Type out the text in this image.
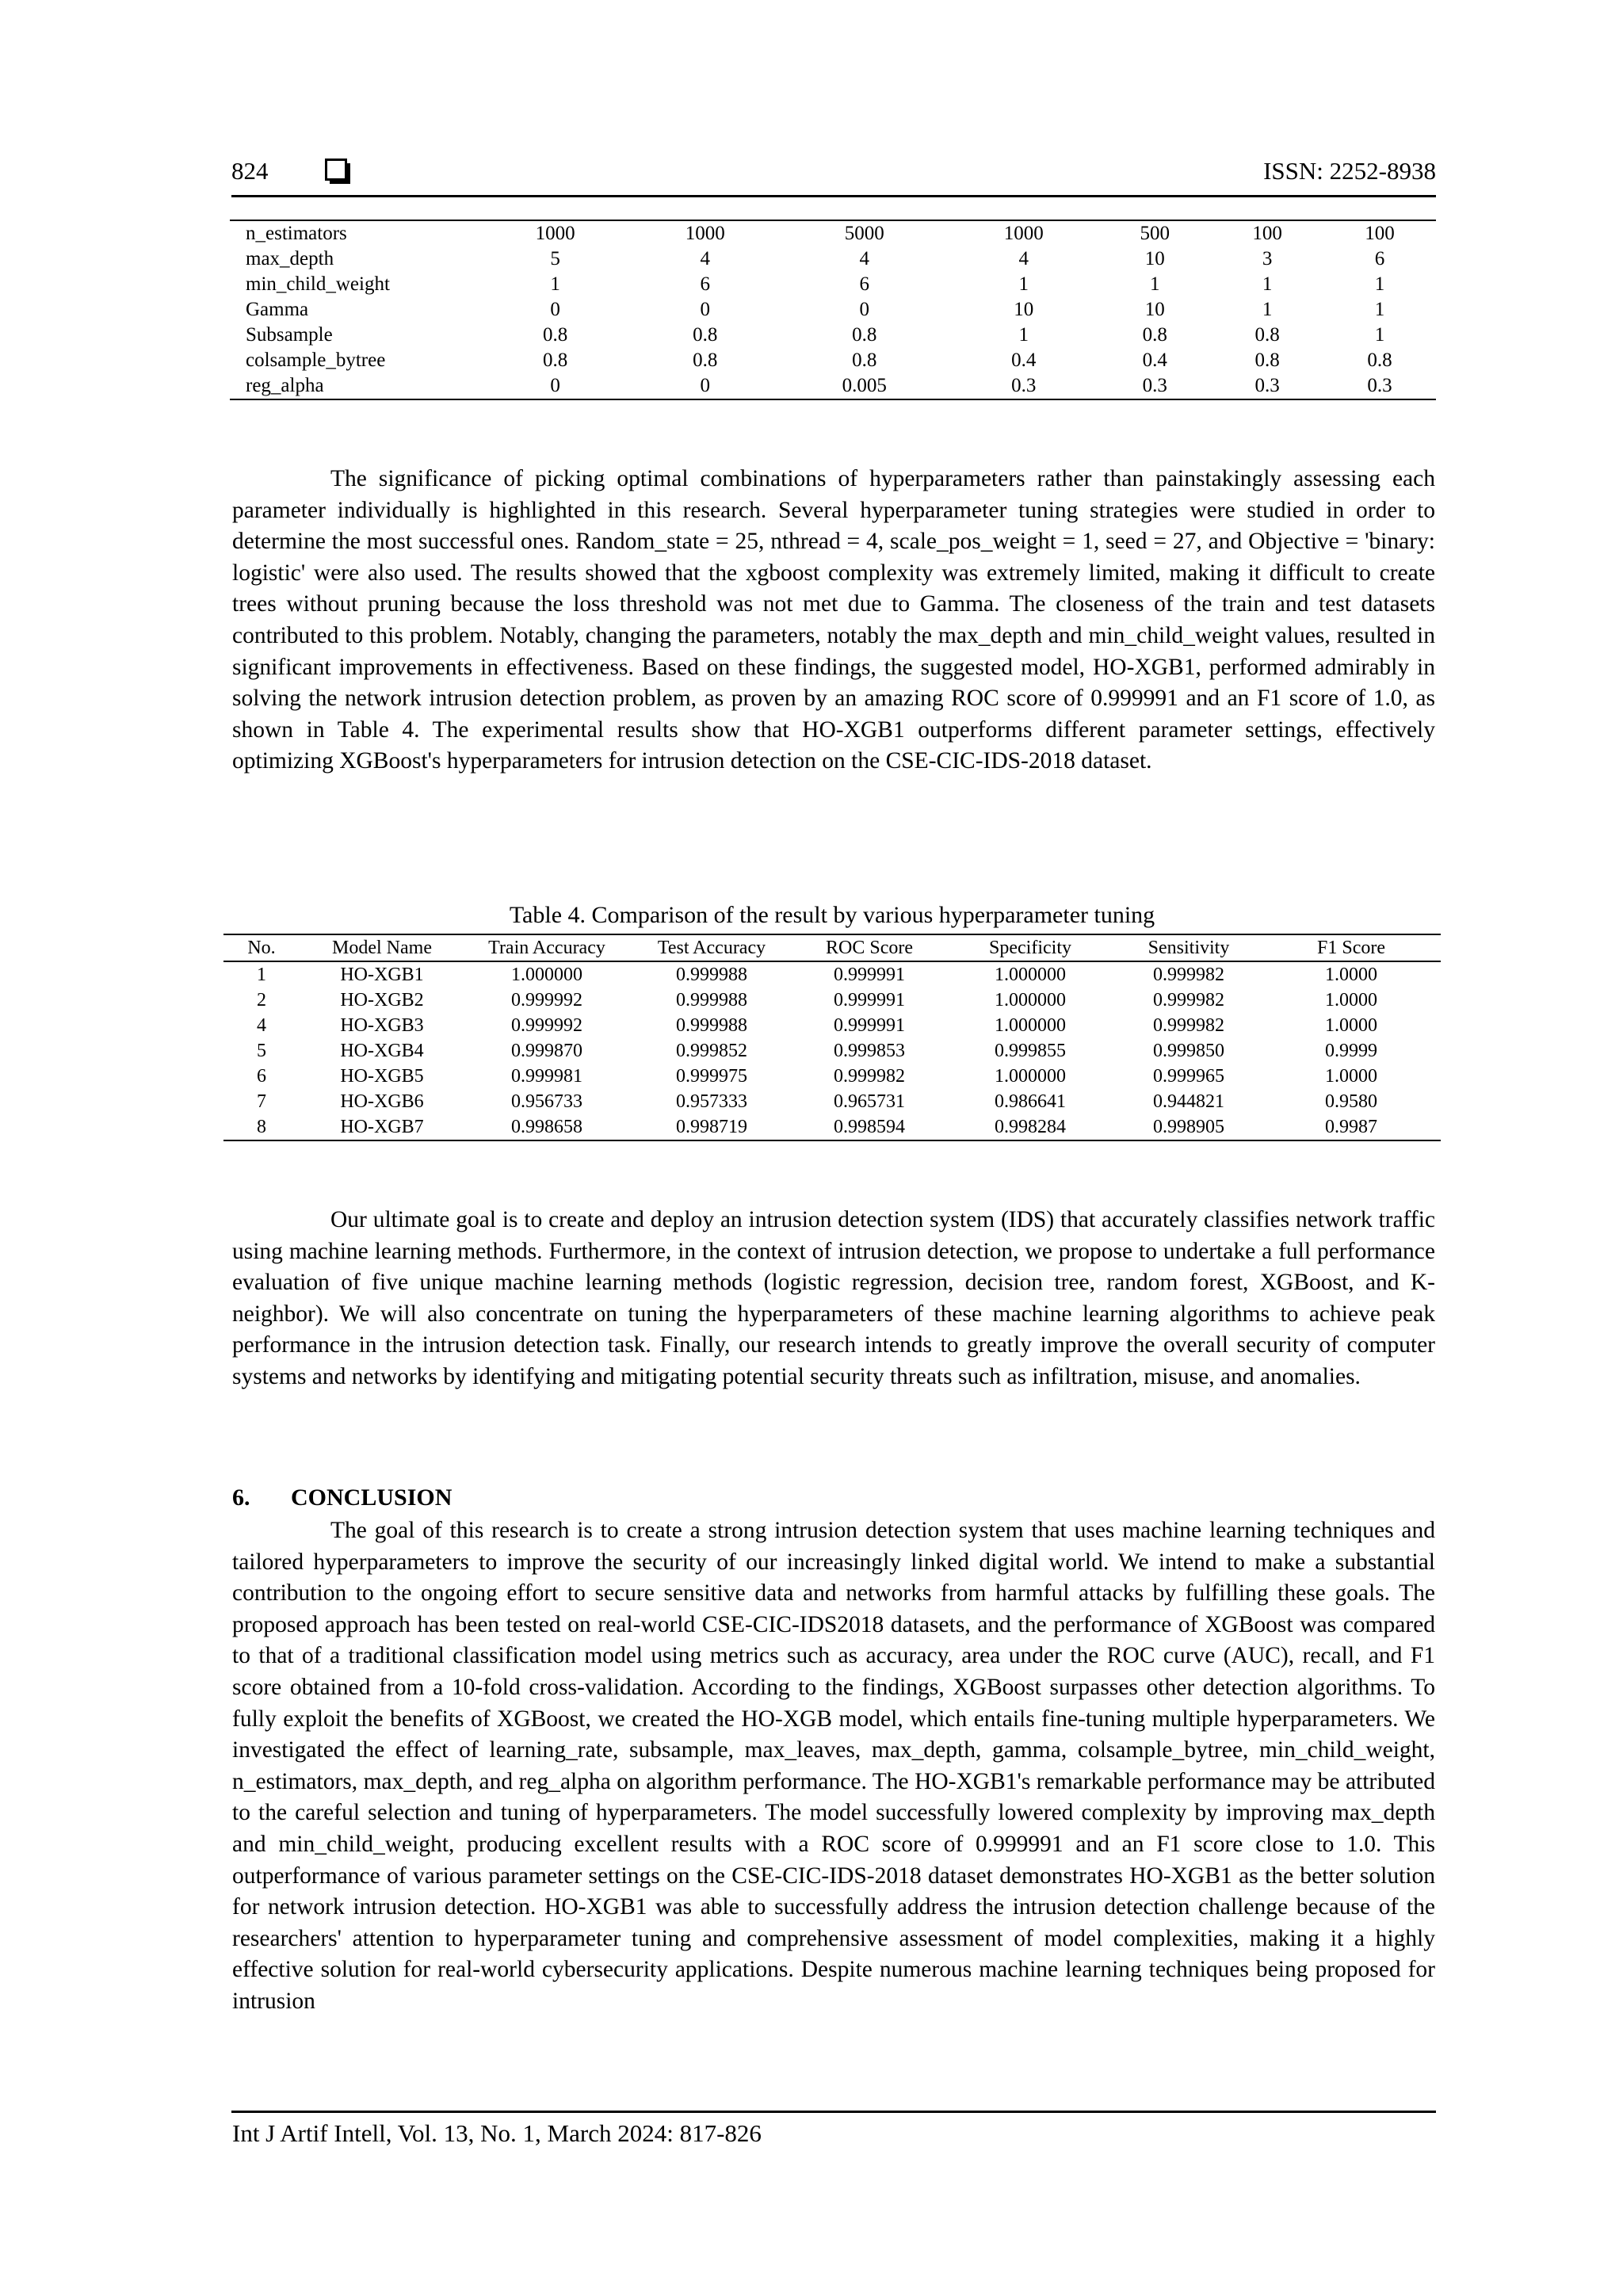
824	ISSN: 2252-8938
n_estimators	1000	1000	5000	1000	500	100	100
max_depth	5	4	4	4	10	3	6
min_child_weight	1	6	6	1	1	1	1
Gamma	0	0	0	10	10	1	1
Subsample	0.8	0.8	0.8	1	0.8	0.8	1
colsample_bytree	0.8	0.8	0.8	0.4	0.4	0.8	0.8
reg_alpha	0	0	0.005	0.3	0.3	0.3	0.3

The significance of picking optimal combinations of hyperparameters rather than painstakingly assessing each parameter individually is highlighted in this research. Several hyperparameter tuning strategies were studied in order to determine the most successful ones. Random_state = 25, nthread = 4, scale_pos_weight = 1, seed = 27, and Objective = 'binary: logistic' were also used. The results showed that the xgboost complexity was extremely limited, making it difficult to create trees without pruning because the loss threshold was not met due to Gamma. The closeness of the train and test datasets contributed to this problem. Notably, changing the parameters, notably the max_depth and min_child_weight values, resulted in significant improvements in effectiveness. Based on these findings, the suggested model, HO-XGB1, performed admirably in solving the network intrusion detection problem, as proven by an amazing ROC score of 0.999991 and an F1 score of 1.0, as shown in Table 4. The experimental results show that HO-XGB1 outperforms different parameter settings, effectively optimizing XGBoost's hyperparameters for intrusion detection on the CSE-CIC-IDS-2018 dataset.

Table 4. Comparison of the result by various hyperparameter tuning
No.	Model Name	Train Accuracy	Test Accuracy	ROC Score	Specificity	Sensitivity	F1 Score
1	HO-XGB1	1.000000	0.999988	0.999991	1.000000	0.999982	1.0000
2	HO-XGB2	0.999992	0.999988	0.999991	1.000000	0.999982	1.0000
4	HO-XGB3	0.999992	0.999988	0.999991	1.000000	0.999982	1.0000
5	HO-XGB4	0.999870	0.999852	0.999853	0.999855	0.999850	0.9999
6	HO-XGB5	0.999981	0.999975	0.999982	1.000000	0.999965	1.0000
7	HO-XGB6	0.956733	0.957333	0.965731	0.986641	0.944821	0.9580
8	HO-XGB7	0.998658	0.998719	0.998594	0.998284	0.998905	0.9987

Our ultimate goal is to create and deploy an intrusion detection system (IDS) that accurately classifies network traffic using machine learning methods. Furthermore, in the context of intrusion detection, we propose to undertake a full performance evaluation of five unique machine learning methods (logistic regression, decision tree, random forest, XGBoost, and K-neighbor). We will also concentrate on tuning the hyperparameters of these machine learning algorithms to achieve peak performance in the intrusion detection task. Finally, our research intends to greatly improve the overall security of computer systems and networks by identifying and mitigating potential security threats such as infiltration, misuse, and anomalies.

6. CONCLUSION

The goal of this research is to create a strong intrusion detection system that uses machine learning techniques and tailored hyperparameters to improve the security of our increasingly linked digital world. We intend to make a substantial contribution to the ongoing effort to secure sensitive data and networks from harmful attacks by fulfilling these goals. The proposed approach has been tested on real-world CSE-CIC-IDS2018 datasets, and the performance of XGBoost was compared to that of a traditional classification model using metrics such as accuracy, area under the ROC curve (AUC), recall, and F1 score obtained from a 10-fold cross-validation. According to the findings, XGBoost surpasses other detection algorithms. To fully exploit the benefits of XGBoost, we created the HO-XGB model, which entails fine-tuning multiple hyperparameters. We investigated the effect of learning_rate, subsample, max_leaves, max_depth, gamma, colsample_bytree, min_child_weight, n_estimators, max_depth, and reg_alpha on algorithm performance. The HO-XGB1's remarkable performance may be attributed to the careful selection and tuning of hyperparameters. The model successfully lowered complexity by improving max_depth and min_child_weight, producing excellent results with a ROC score of 0.999991 and an F1 score close to 1.0. This outperformance of various parameter settings on the CSE-CIC-IDS-2018 dataset demonstrates HO-XGB1 as the better solution for network intrusion detection. HO-XGB1 was able to successfully address the intrusion detection challenge because of the researchers' attention to hyperparameter tuning and comprehensive assessment of model complexities, making it a highly effective solution for real-world cybersecurity applications. Despite numerous machine learning techniques being proposed for intrusion

Int J Artif Intell, Vol. 13, No. 1, March 2024: 817-826
